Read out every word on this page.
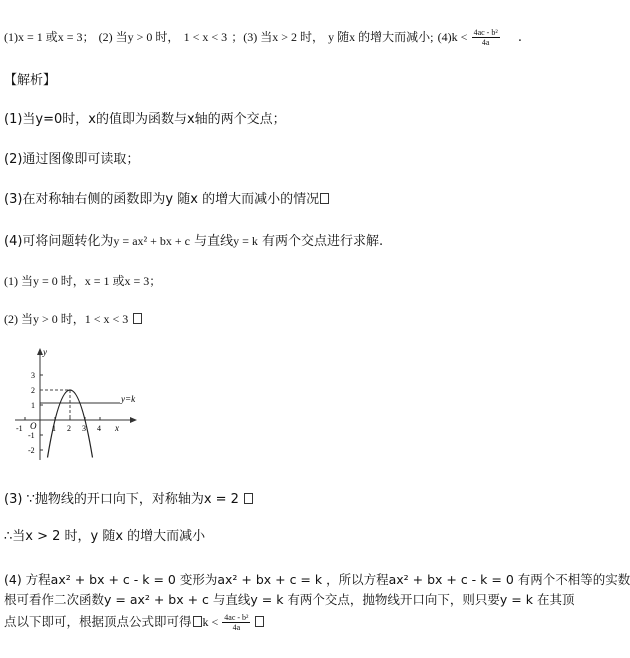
(1)x = 1 或x = 3； (2) 当y > 0 时， 1 < x < 3 ；(3) 当x > 2 时， y 随x 的增大而减小; $(4)k < \frac{\text{4ac - b²}}{4a}$ .
【解析】
(1)当y=0时，x的值即为函数与x轴的两个交点；
(2)通过图像即可读取；
(3)在对称轴右侧的函数即为y 随x 的增大而减小的情况
(4)可将问题转化为y = ax² + bx + c 与直线y = k 有两个交点进行求解.
(1) 当y = 0 时，x = 1 或x = 3；
(2) 当y > 0 时，1 < x < 3
y=k
y
x
O
-1	1 2 3 4
3
2
1
-1
-2
(3) ∵抛物线的开口向下，对称轴为x = 2
∴当x > 2 时，y 随x 的增大而减小
(4) 方程ax² + bx + c - k = 0 变形为ax² + bx + c = k ，所以方程ax² + bx + c - k = 0 有两个不相等的实数
根可看作二次函数y = ax² + bx + c 与直线y = k 有两个交点，抛物线开口向下，则只要y = k 在其顶
点以下即可，根据顶点公式即可得 $k < \frac{\text{4ac - b²}}{4a}$
